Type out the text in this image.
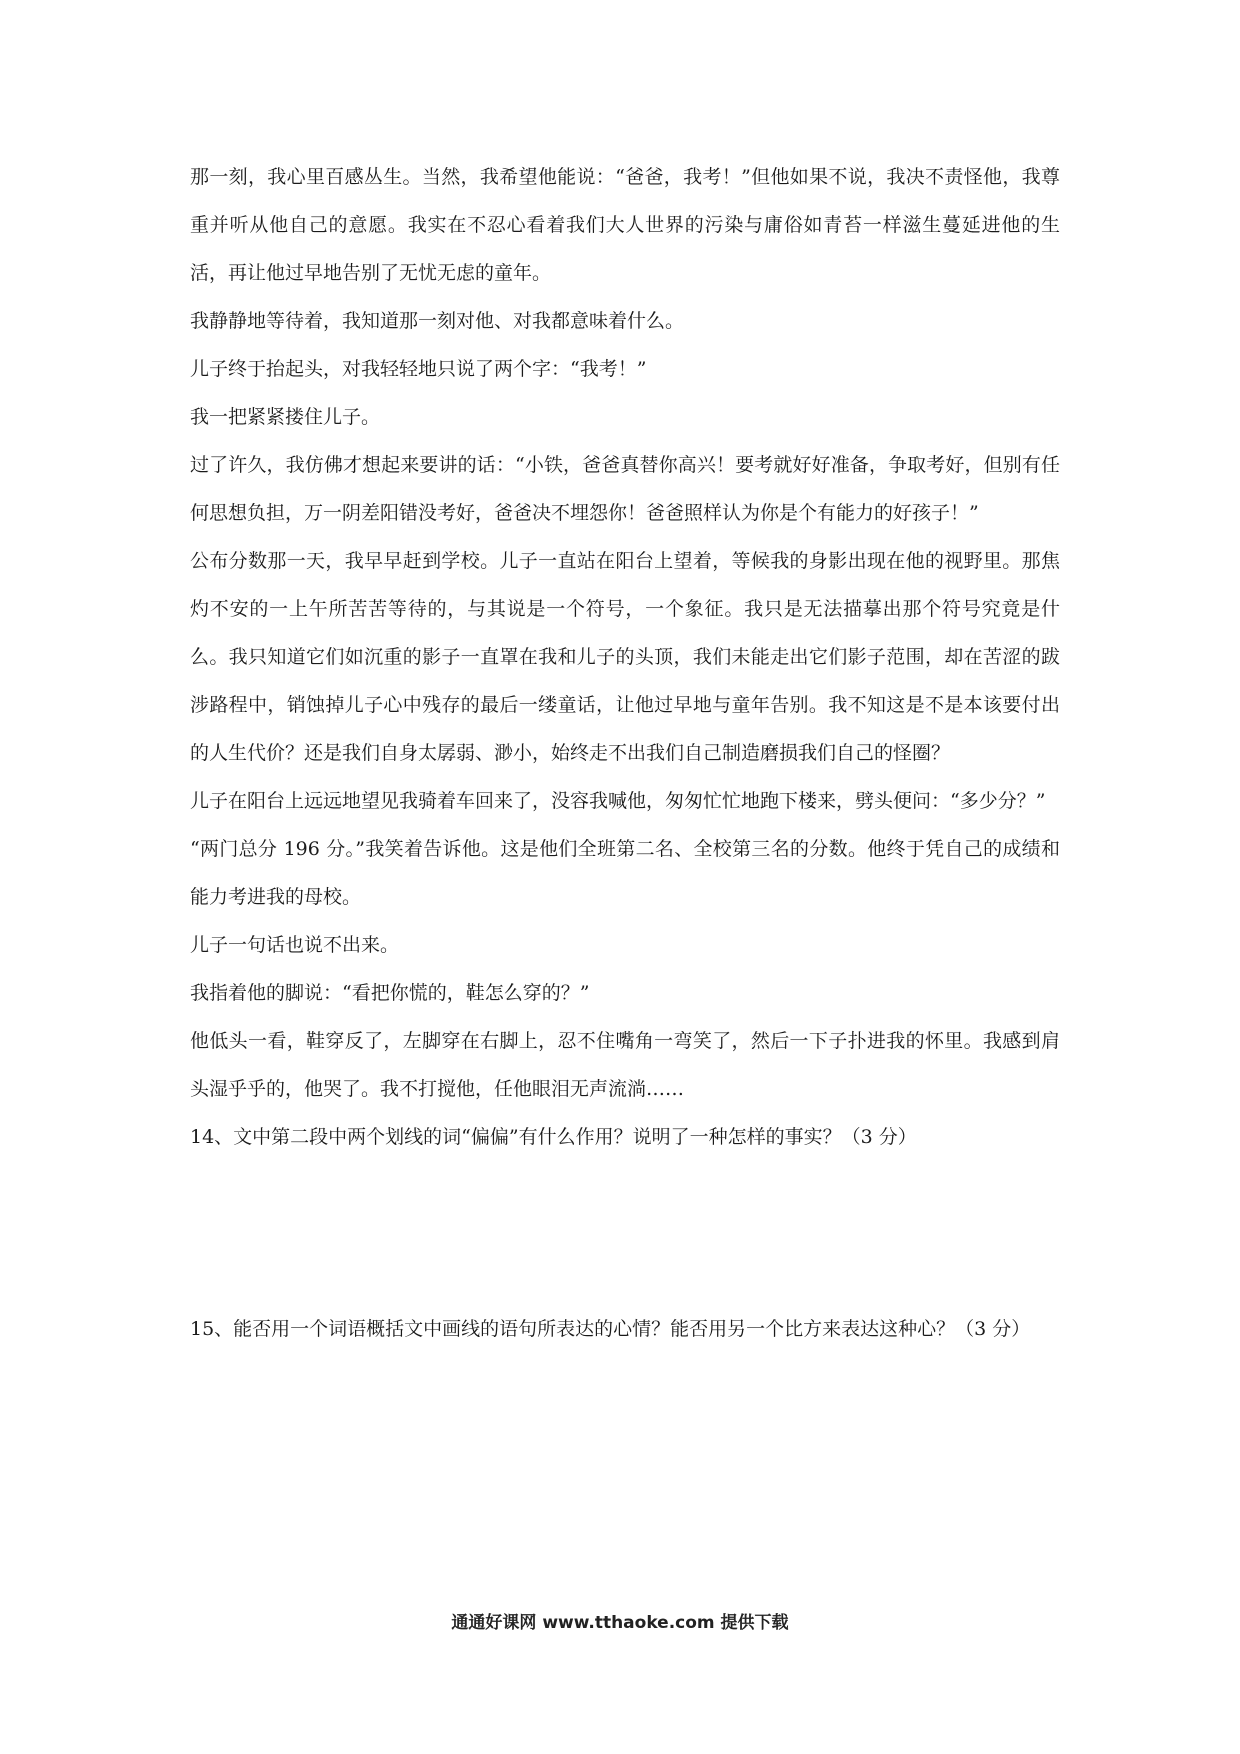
那一刻，我心里百感丛生。当然，我希望他能说：“爸爸，我考！”但他如果不说，我决不责怪他，我尊重并听从他自己的意愿。我实在不忍心看着我们大人世界的污染与庸俗如青苔一样滋生蔓延进他的生活，再让他过早地告别了无忧无虑的童年。

我静静地等待着，我知道那一刻对他、对我都意味着什么。

儿子终于抬起头，对我轻轻地只说了两个字：“我考！”

我一把紧紧搂住儿子。

过了许久，我仿佛才想起来要讲的话：“小铁，爸爸真替你高兴！要考就好好准备，争取考好，但别有任何思想负担，万一阴差阳错没考好，爸爸决不埋怨你！爸爸照样认为你是个有能力的好孩子！”

公布分数那一天，我早早赶到学校。儿子一直站在阳台上望着，等候我的身影出现在他的视野里。那焦灼不安的一上午所苦苦等待的，与其说是一个符号，一个象征。我只是无法描摹出那个符号究竟是什么。我只知道它们如沉重的影子一直罩在我和儿子的头顶，我们未能走出它们影子范围，却在苦涩的跋涉路程中，销蚀掉儿子心中残存的最后一缕童话，让他过早地与童年告别。我不知这是不是本该要付出的人生代价？还是我们自身太孱弱、渺小，始终走不出我们自己制造磨损我们自己的怪圈？

儿子在阳台上远远地望见我骑着车回来了，没容我喊他，匆匆忙忙地跑下楼来，劈头便问：“多少分？”

“两门总分 196 分。”我笑着告诉他。这是他们全班第二名、全校第三名的分数。他终于凭自己的成绩和能力考进我的母校。

儿子一句话也说不出来。

我指着他的脚说：“看把你慌的，鞋怎么穿的？”

他低头一看，鞋穿反了，左脚穿在右脚上，忍不住嘴角一弯笑了，然后一下子扑进我的怀里。我感到肩头湿乎乎的，他哭了。我不打搅他，任他眼泪无声流淌……

14、文中第二段中两个划线的词“偏偏”有什么作用？说明了一种怎样的事实？（3 分）

15、能否用一个词语概括文中画线的语句所表达的心情？能否用另一个比方来表达这种心？（3 分）

通通好课网 www.tthaoke.com 提供下载
